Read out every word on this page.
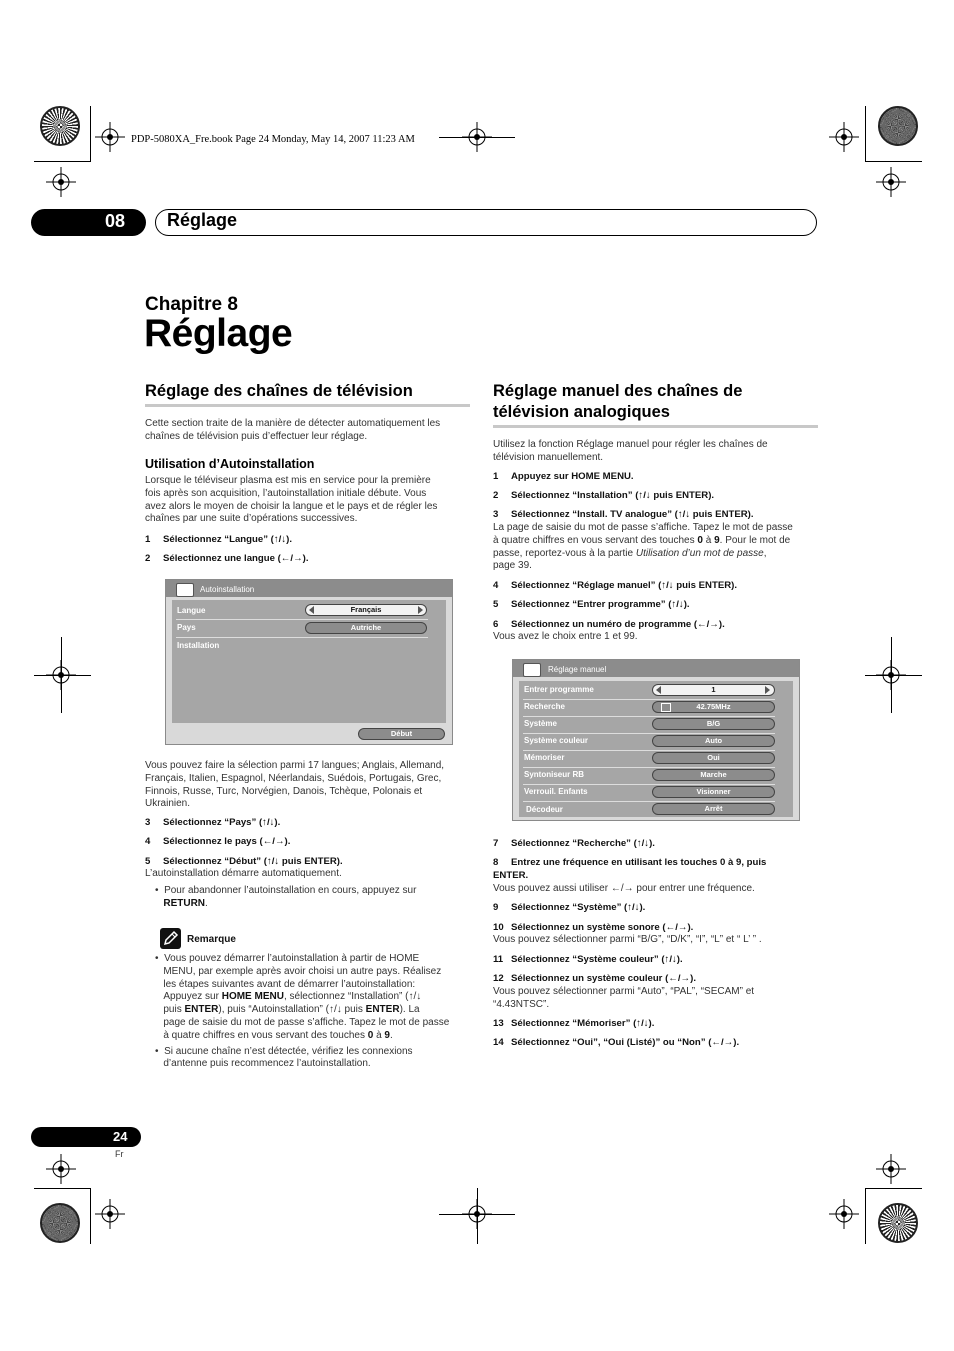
PDP-5080XA_Fre.book Page 24 Monday, May 14, 2007 11:23 AM
08 Réglage
Chapitre 8
Réglage
Réglage des chaînes de télévision
Cette section traite de la manière de détecter automatiquement les
chaînes de télévision puis d’effectuer leur réglage.
Utilisation d’Autoinstallation
Lorsque le téléviseur plasma est mis en service pour la première
fois après son acquisition, l’autoinstallation initiale débute. Vous
avez alors le moyen de choisir la langue et le pays et de régler les
chaînes par une suite d’opérations successives.
1 Sélectionnez “Langue” (↑/↓).
2 Sélectionnez une langue (←/→).
Autoinstallation
Langue	Français
Pays	Autriche
Installation
Début
Vous pouvez faire la sélection parmi 17 langues; Anglais, Allemand,
Français, Italien, Espagnol, Néerlandais, Suédois, Portugais, Grec,
Finnois, Russe, Turc, Norvégien, Danois, Tchèque, Polonais et
Ukrainien.
3 Sélectionnez “Pays” (↑/↓).
4 Sélectionnez le pays (←/→).
5 Sélectionnez “Début” (↑/↓ puis ENTER).
L’autoinstallation démarre automatiquement.
•  Pour abandonner l’autoinstallation en cours, appuyez sur
RETURN.
Remarque
•  Vous pouvez démarrer l’autoinstallation à partir de HOME
MENU, par exemple après avoir choisi un autre pays. Réalisez
les étapes suivantes avant de démarrer l’autoinstallation:
Appuyez sur HOME MENU, sélectionnez “Installation” (↑/↓
puis ENTER), puis “Autoinstallation” (↑/↓ puis ENTER). La
page de saisie du mot de passe s’affiche. Tapez le mot de passe
à quatre chiffres en vous servant des touches 0 à 9.
•  Si aucune chaîne n’est détectée, vérifiez les connexions
d’antenne puis recommencez l’autoinstallation.
Réglage manuel des chaînes de
télévision analogiques
Utilisez la fonction Réglage manuel pour régler les chaînes de
télévision manuellement.
1 Appuyez sur HOME MENU.
2 Sélectionnez “Installation” (↑/↓ puis ENTER).
3 Sélectionnez “Install. TV analogue” (↑/↓ puis ENTER).
La page de saisie du mot de passe s’affiche. Tapez le mot de passe
à quatre chiffres en vous servant des touches 0 à 9. Pour le mot de
passe, reportez-vous à la partie Utilisation d’un mot de passe,
page 39.
4 Sélectionnez “Réglage manuel” (↑/↓ puis ENTER).
5 Sélectionnez “Entrer programme” (↑/↓).
6 Sélectionnez un numéro de programme (←/→).
Vous avez le choix entre 1 et 99.
Réglage manuel
Entrer programme	1
Recherche	42.75MHz
Système	B/G
Système couleur	Auto
Mémoriser	Oui
Syntoniseur RB	Marche
Verrouil. Enfants	Visionner
Décodeur	Arrêt
7 Sélectionnez “Recherche” (↑/↓).
8 Entrez une fréquence en utilisant les touches 0 à 9, puis
ENTER.
Vous pouvez aussi utiliser ←/→ pour entrer une fréquence.
9 Sélectionnez “Système” (↑/↓).
10 Sélectionnez un système sonore (←/→).
Vous pouvez sélectionner parmi “B/G”, “D/K”, “I”, “L” et “ L’ ” .
11 Sélectionnez “Système couleur” (↑/↓).
12 Sélectionnez un système couleur (←/→).
Vous pouvez sélectionner parmi “Auto”, “PAL”, “SECAM” et
“4.43NTSC”.
13 Sélectionnez “Mémoriser” (↑/↓).
14 Sélectionnez “Oui”, “Oui (Listé)” ou “Non” (←/→).
24
Fr
